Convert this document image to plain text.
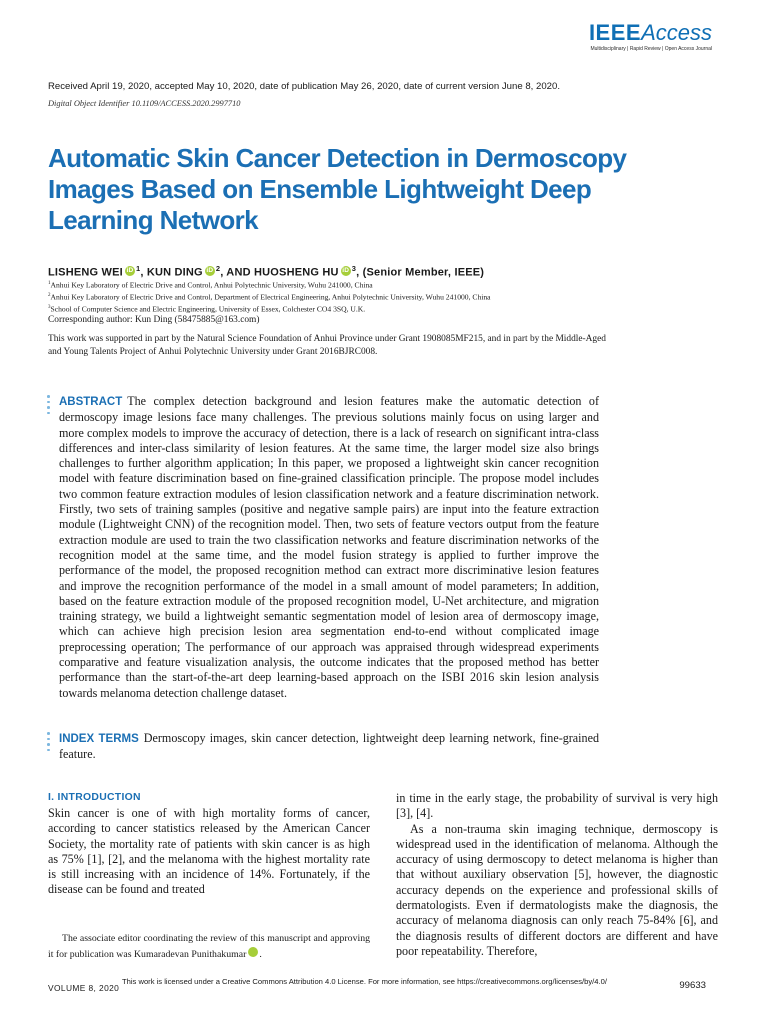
IEEEAccess
Multidisciplinary | Rapid Review | Open Access Journal
Received April 19, 2020, accepted May 10, 2020, date of publication May 26, 2020, date of current version June 8, 2020.
Digital Object Identifier 10.1109/ACCESS.2020.2997710
Automatic Skin Cancer Detection in Dermoscopy Images Based on Ensemble Lightweight Deep Learning Network
LISHENG WEI iD $^1$, KUN DING iD $^2$, AND HUOSHENG HU iD $^3$, (Senior Member, IEEE)
$^1$Anhui Key Laboratory of Electric Drive and Control, Anhui Polytechnic University, Wuhu 241000, China
$^2$Anhui Key Laboratory of Electric Drive and Control, Department of Electrical Engineering, Anhui Polytechnic University, Wuhu 241000, China
$^3$School of Computer Science and Electric Engineering, University of Essex, Colchester CO4 3SQ, U.K.
Corresponding author: Kun Ding (58475885@163.com)
This work was supported in part by the Natural Science Foundation of Anhui Province under Grant 1908085MF215, and in part by the Middle-Aged and Young Talents Project of Anhui Polytechnic University under Grant 2016BJRC008.

ABSTRACT The complex detection background and lesion features make the automatic detection of dermoscopy image lesions face many challenges. The previous solutions mainly focus on using larger and more complex models to improve the accuracy of detection, there is a lack of research on significant intra-class differences and inter-class similarity of lesion features. At the same time, the larger model size also brings challenges to further algorithm application; In this paper, we proposed a lightweight skin cancer recognition model with feature discrimination based on fine-grained classification principle. The propose model includes two common feature extraction modules of lesion classification network and a feature discrimination network. Firstly, two sets of training samples (positive and negative sample pairs) are input into the feature extraction module (Lightweight CNN) of the recognition model. Then, two sets of feature vectors output from the feature extraction module are used to train the two classification networks and feature discrimination networks of the recognition model at the same time, and the model fusion strategy is applied to further improve the performance of the model, the proposed recognition method can extract more discriminative lesion features and improve the recognition performance of the model in a small amount of model parameters; In addition, based on the feature extraction module of the proposed recognition model, U-Net architecture, and migration training strategy, we build a lightweight semantic segmentation model of lesion area of dermoscopy image, which can achieve high precision lesion area segmentation end-to-end without complicated image preprocessing operation; The performance of our approach was appraised through widespread experiments comparative and feature visualization analysis, the outcome indicates that the proposed method has better performance than the start-of-the-art deep learning-based approach on the ISBI 2016 skin lesion analysis towards melanoma detection challenge dataset.

INDEX TERMS Dermoscopy images, skin cancer detection, lightweight deep learning network, fine-grained feature.

I. INTRODUCTION

Skin cancer is one of with high mortality forms of cancer, according to cancer statistics released by the American Cancer Society, the mortality rate of patients with skin cancer is as high as 75% [1], [2], and the melanoma with the highest mortality rate is still increasing with an incidence of 14%. Fortunately, if the disease can be found and treated

in time in the early stage, the probability of survival is very high [3], [4].

As a non-trauma skin imaging technique, dermoscopy is widespread used in the identification of melanoma. Although the accuracy of using dermoscopy to detect melanoma is higher than that without auxiliary observation [5], however, the diagnostic accuracy depends on the experience and professional skills of dermatologists. Even if dermatologists make the diagnosis, the accuracy of melanoma diagnosis can only reach 75-84% [6], and the diagnosis results of different doctors are different and have poor repeatability. Therefore,

The associate editor coordinating the review of this manuscript and approving it for publication was Kumaradevan Punithakumar iD.
VOLUME 8, 2020
This work is licensed under a Creative Commons Attribution 4.0 License. For more information, see https://creativecommons.org/licenses/by/4.0/	99633
